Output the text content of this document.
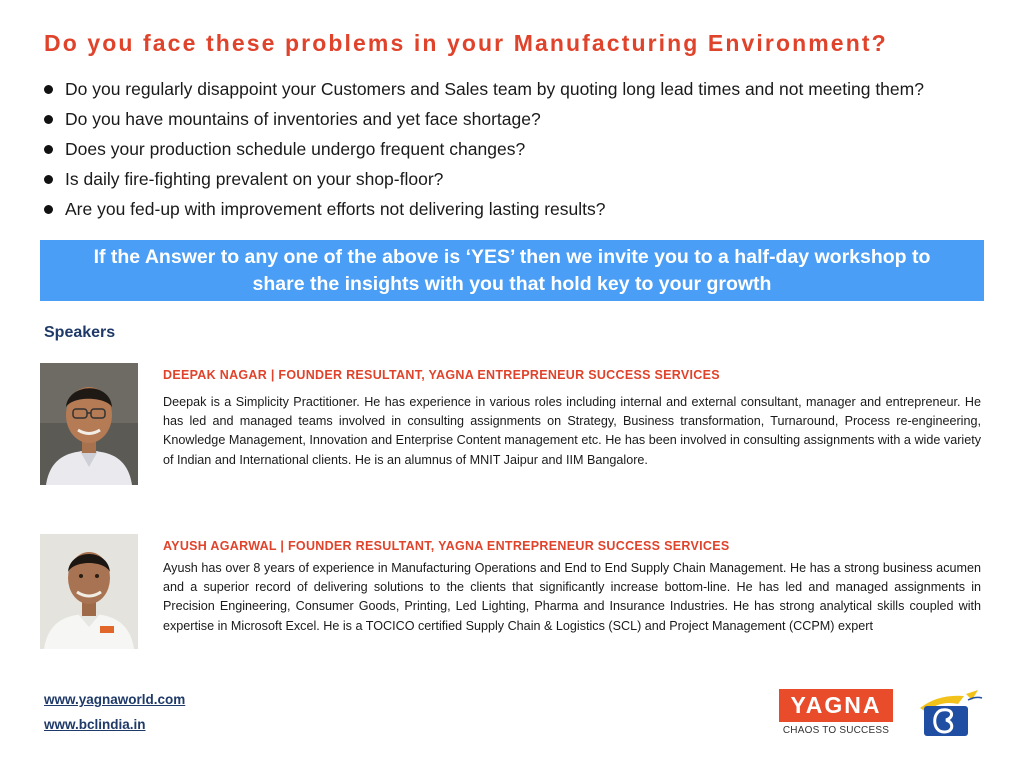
Do you face these problems in your Manufacturing Environment?
Do you regularly disappoint your Customers and Sales team by quoting long lead times and not meeting them?
Do you have mountains of inventories and yet face shortage?
Does your production schedule undergo frequent changes?
Is daily fire-fighting prevalent on your shop-floor?
Are you fed-up with improvement efforts not delivering lasting results?
If the Answer to any one of the above is ‘YES’ then we invite you to a half-day workshop to
share the insights with you that hold key to your growth
Speakers
DEEPAK NAGAR | FOUNDER RESULTANT, YAGNA ENTREPRENEUR SUCCESS SERVICES
Deepak is a Simplicity Practitioner. He has experience in various roles including internal and external consultant, manager and entrepreneur. He has led and managed teams involved in consulting assignments on Strategy, Business transformation, Turnaround, Process re-engineering, Knowledge Management, Innovation and Enterprise Content management etc. He has been involved in consulting assignments with a wide variety of Indian and International clients. He is an alumnus of MNIT Jaipur and IIM Bangalore.
AYUSH AGARWAL | FOUNDER RESULTANT, YAGNA ENTREPRENEUR SUCCESS SERVICES
Ayush has over 8 years of experience in Manufacturing Operations and End to End Supply Chain Management. He has a strong business acumen and a superior record of delivering solutions to the clients that significantly increase bottom-line. He has led and managed assignments in Precision Engineering, Consumer Goods, Printing, Led Lighting, Pharma and Insurance Industries. He has strong analytical skills coupled with expertise in Microsoft Excel. He is a TOCICO certified Supply Chain & Logistics (SCL) and Project Management (CCPM) expert
www.yagnaworld.com
www.bclindia.in
YAGNA
CHAOS TO SUCCESS
